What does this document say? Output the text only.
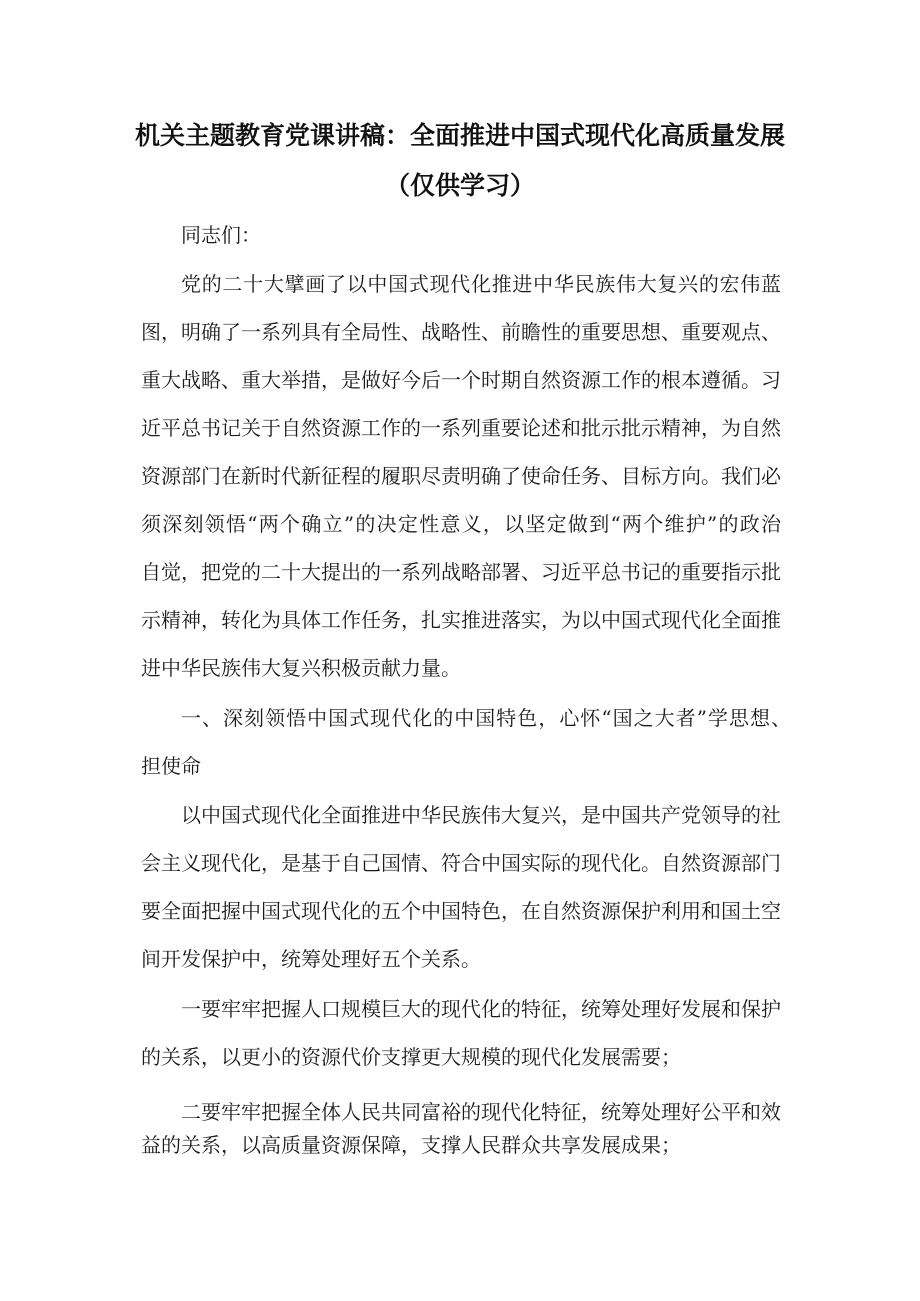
机关主题教育党课讲稿：全面推进中国式现代化高质量发展
（仅供学习）
同志们：
党的二十大擘画了以中国式现代化推进中华民族伟大复兴的宏伟蓝
图，明确了一系列具有全局性、战略性、前瞻性的重要思想、重要观点、
重大战略、重大举措，是做好今后一个时期自然资源工作的根本遵循。习
近平总书记关于自然资源工作的一系列重要论述和批示批示精神，为自然
资源部门在新时代新征程的履职尽责明确了使命任务、目标方向。我们必
须深刻领悟“两个确立”的决定性意义，以坚定做到“两个维护”的政治
自觉，把党的二十大提出的一系列战略部署、习近平总书记的重要指示批
示精神，转化为具体工作任务，扎实推进落实，为以中国式现代化全面推
进中华民族伟大复兴积极贡献力量。
一、深刻领悟中国式现代化的中国特色，心怀“国之大者”学思想、
担使命
以中国式现代化全面推进中华民族伟大复兴，是中国共产党领导的社
会主义现代化，是基于自己国情、符合中国实际的现代化。自然资源部门
要全面把握中国式现代化的五个中国特色，在自然资源保护利用和国土空
间开发保护中，统筹处理好五个关系。
一要牢牢把握人口规模巨大的现代化的特征，统筹处理好发展和保护
的关系，以更小的资源代价支撑更大规模的现代化发展需要；
二要牢牢把握全体人民共同富裕的现代化特征，统筹处理好公平和效
益的关系，以高质量资源保障，支撑人民群众共享发展成果；
